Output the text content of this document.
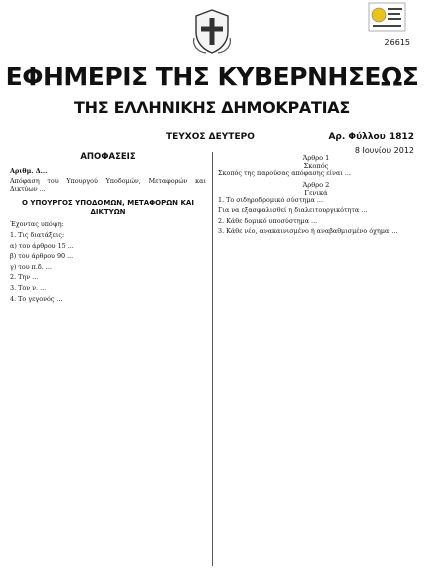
26615
ΕΦΗΜΕΡΙΣ ΤΗΣ ΚΥΒΕΡΝΗΣΕΩΣ
ΤΗΣ ΕΛΛΗΝΙΚΗΣ ΔΗΜΟΚΡΑΤΙΑΣ
ΤΕΥΧΟΣ ΔΕΥΤΕΡΟ	Αρ. Φύλλου 1812
8 Ιουνίου 2012
ΑΠΟΦΑΣΕΙΣ

Αριθμ. Δ...

Απόφαση του Υπουργού Υποδομών, Μεταφορών και Δικτύων ...

Ο ΥΠΟΥΡΓΟΣ ΥΠΟΔΟΜΩΝ, ΜΕΤΑΦΟΡΩΝ ΚΑΙ ΔΙΚΤΥΩΝ

Έχοντας υπόψη:

1. Τις διατάξεις:

α) του άρθρου 15 ...

β) του άρθρου 90 ...

γ) του π.δ. ...

2. Την ...

3. Τον ν. ...

4. Το γεγονός ...

Άρθρο 1

Σκοπός

Σκοπός της παρούσας απόφασης είναι ...

Άρθρο 2

Γενικά

1. Το σιδηροδρομικό σύστημα ...

Για να εξασφαλισθεί η διαλειτουργικότητα ...

2. Κάθε δομικό υποσύστημα ...

3. Κάθε νέο, ανακαινισμένο ή αναβαθμισμένο όχημα ...
